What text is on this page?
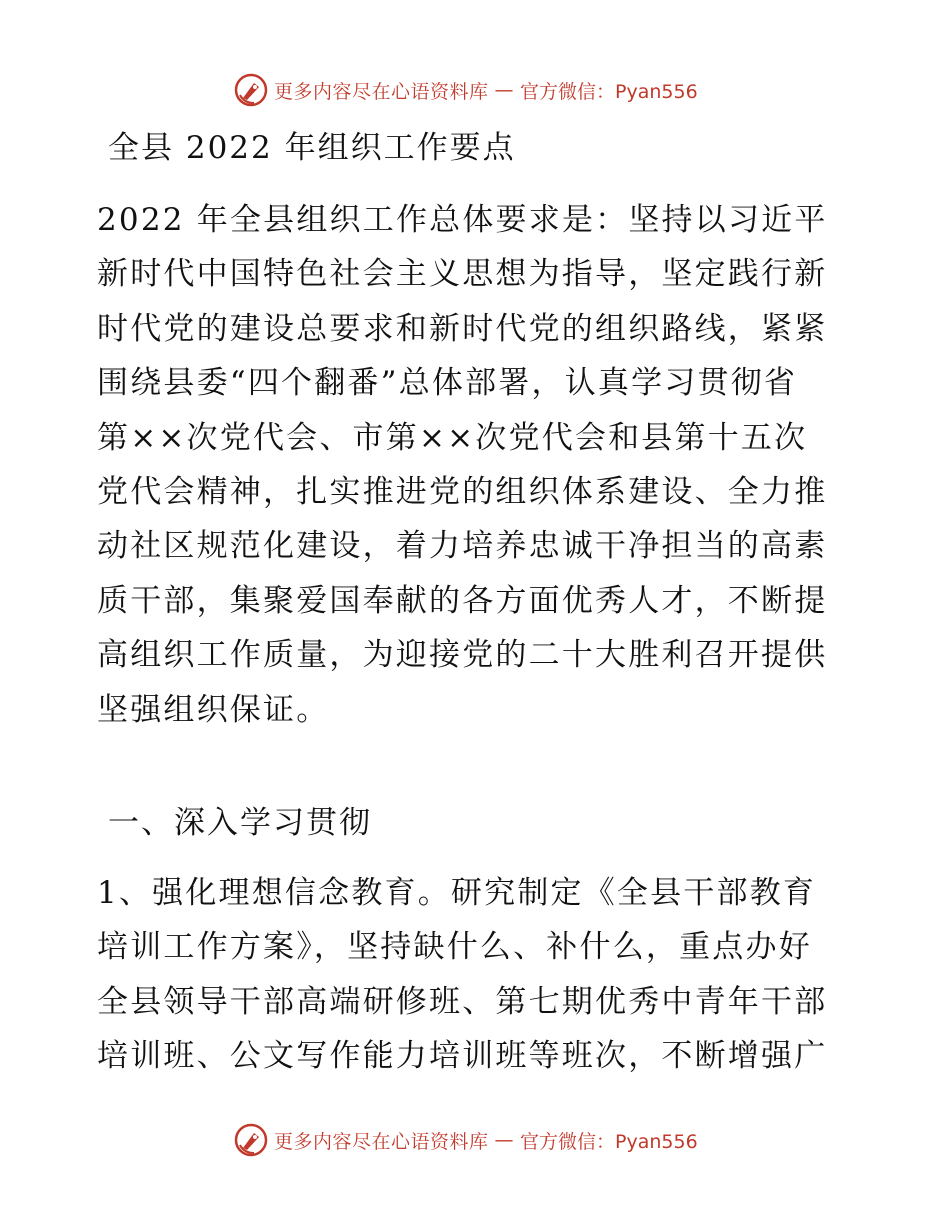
更多内容尽在心语资料库 — 官方微信：Pyan556
全县 2022 年组织工作要点
2022 年全县组织工作总体要求是：坚持以习近平
新时代中国特色社会主义思想为指导，坚定践行新
时代党的建设总要求和新时代党的组织路线，紧紧
围绕县委“四个翻番”总体部署，认真学习贯彻省
第××次党代会、市第××次党代会和县第十五次
党代会精神，扎实推进党的组织体系建设、全力推
动社区规范化建设，着力培养忠诚干净担当的高素
质干部，集聚爱国奉献的各方面优秀人才，不断提
高组织工作质量，为迎接党的二十大胜利召开提供
坚强组织保证。
一、深入学习贯彻
1、强化理想信念教育。研究制定《全县干部教育
培训工作方案》，坚持缺什么、补什么，重点办好
全县领导干部高端研修班、第七期优秀中青年干部
培训班、公文写作能力培训班等班次，不断增强广
更多内容尽在心语资料库 — 官方微信：Pyan556
